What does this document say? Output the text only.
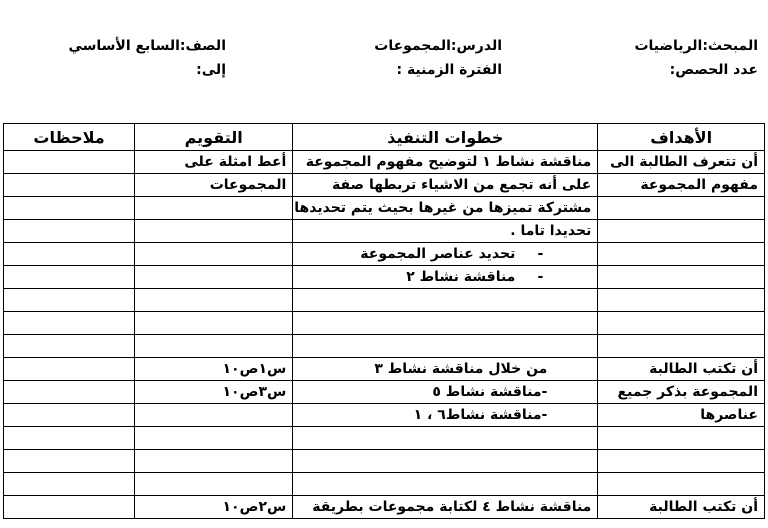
المبحث:الرياضيات
الدرس:المجموعات
الصف:السابع الأساسي
عدد الحصص:
الفترة الزمنية :
إلى:
الأهداف	خطوات التنفيذ	التقويم	ملاحظات
أن تتعرف الطالبة الى	مناقشة نشاط ١ لتوضيح مفهوم المجموعة	أعط امثلة على	
مفهوم المجموعة	على أنه تجمع من الاشياء تربطها صفة	المجموعات	
	مشتركة تميزها من غيرها بحيث يتم تحديدها		
	تحديدا تاما .		
	-تحديد عناصر المجموعة		
	-مناقشة نشاط ٢		

أن تكتب الطالبة	من خلال مناقشة نشاط ٣	س١ص١٠	
المجموعة بذكر جميع	-مناقشة نشاط ٥	س٣ص١٠	
عناصرها	-مناقشة نشاط٦ ، ١		

أن تكتب الطالبة	مناقشة نشاط ٤ لكتابة مجموعات بطريقة	س٢ص١٠	
